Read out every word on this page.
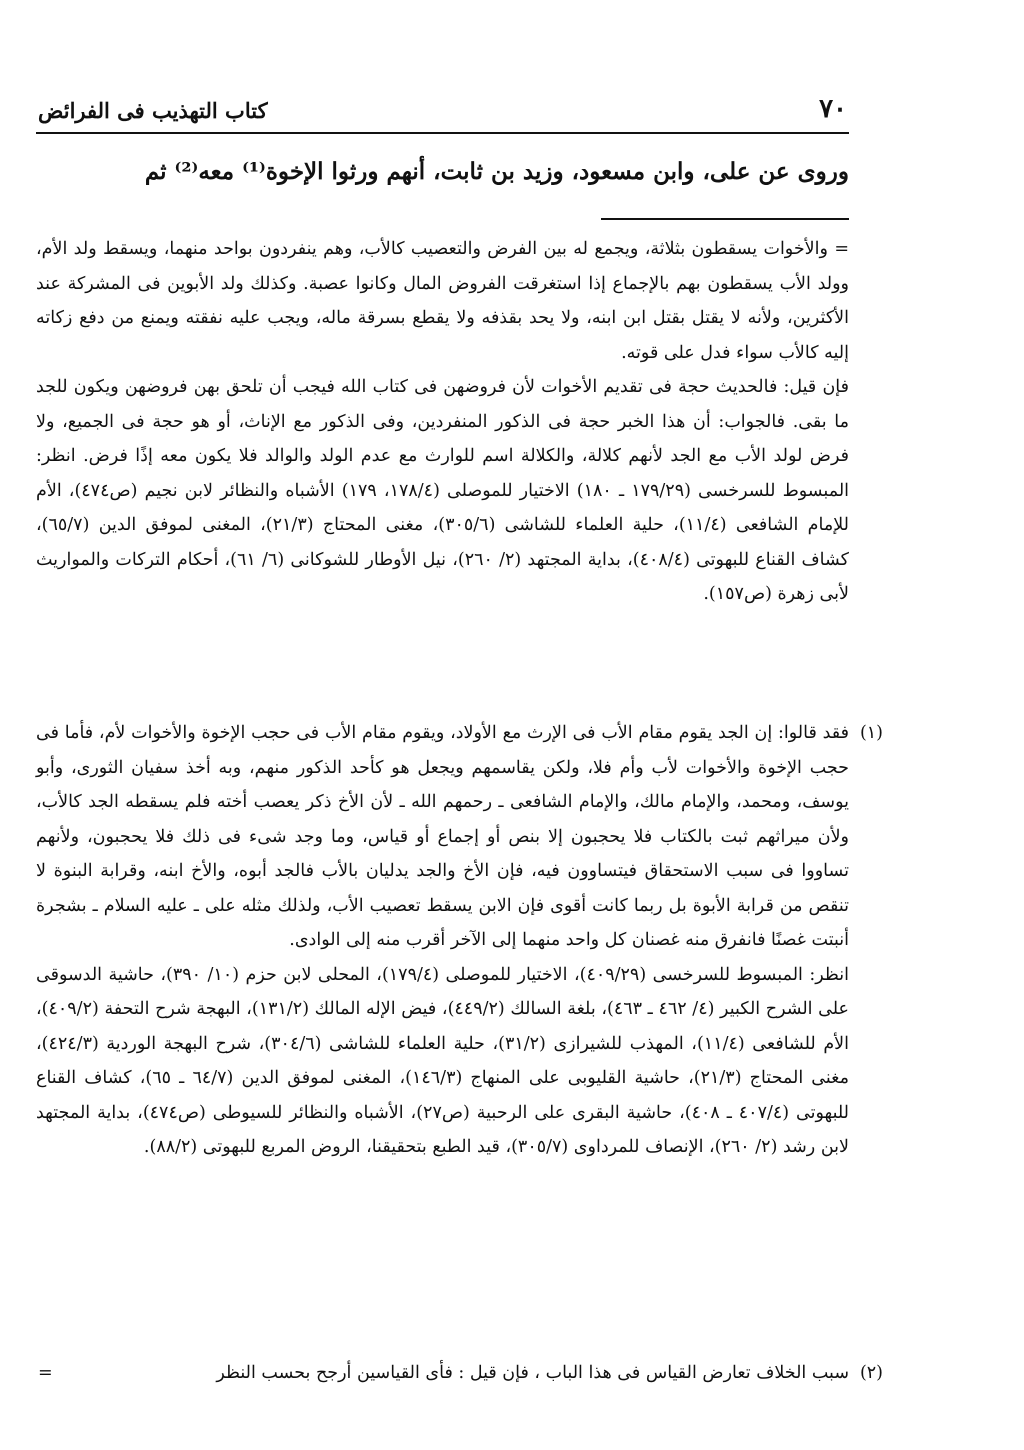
٧٠
كتاب التهذيب فى الفرائض
وروى عن على، وابن مسعود، وزيد بن ثابت، أنهم ورثوا الإخوة⁽¹⁾ معه⁽²⁾ ثم

= والأخوات يسقطون بثلاثة، ويجمع له بين الفرض والتعصيب كالأب، وهم ينفردون بواحد منهما، ويسقط ولد الأم، وولد الأب يسقطون بهم بالإجماع إذا استغرقت الفروض المال وكانوا عصبة. وكذلك ولد الأبوين فى المشركة عند الأكثرين، ولأنه لا يقتل بقتل ابن ابنه، ولا يحد بقذفه ولا يقطع بسرقة ماله، ويجب عليه نفقته ويمنع من دفع زكاته إليه كالأب سواء فدل على قوته.

فإن قيل: فالحديث حجة فى تقديم الأخوات لأن فروضهن فى كتاب الله فيجب أن تلحق بهن فروضهن ويكون للجد ما بقى. فالجواب: أن هذا الخبر حجة فى الذكور المنفردين، وفى الذكور مع الإناث، أو هو حجة فى الجميع، ولا فرض لولد الأب مع الجد لأنهم كلالة، والكلالة اسم للوارث مع عدم الولد والوالد فلا يكون معه إذًا فرض. انظر: المبسوط للسرخسى (١٧٩/٢٩ ـ ١٨٠) الاختيار للموصلى (١٧٨/٤، ١٧٩) الأشباه والنظائر لابن نجيم (ص٤٧٤)، الأم للإمام الشافعى (١١/٤)، حلية العلماء للشاشى (٣٠٥/٦)، مغنى المحتاج (٢١/٣)، المغنى لموفق الدين (٦٥/٧)، كشاف القناع للبهوتى (٤٠٨/٤)، بداية المجتهد (٢/ ٢٦٠)، نيل الأوطار للشوكانى (٦/ ٦١)، أحكام التركات والمواريث لأبى زهرة (ص١٥٧).

(١)

فقد قالوا: إن الجد يقوم مقام الأب فى الإرث مع الأولاد، ويقوم مقام الأب فى حجب الإخوة والأخوات لأم، فأما فى حجب الإخوة والأخوات لأب وأم فلا، ولكن يقاسمهم ويجعل هو كأحد الذكور منهم، وبه أخذ سفيان الثورى، وأبو يوسف، ومحمد، والإمام مالك، والإمام الشافعى ـ رحمهم الله ـ لأن الأخ ذكر يعصب أخته فلم يسقطه الجد كالأب، ولأن ميراثهم ثبت بالكتاب فلا يحجبون إلا بنص أو إجماع أو قياس، وما وجد شىء فى ذلك فلا يحجبون، ولأنهم تساووا فى سبب الاستحقاق فيتساوون فيه، فإن الأخ والجد يدليان بالأب فالجد أبوه، والأخ ابنه، وقرابة البنوة لا تنقص من قرابة الأبوة بل ربما كانت أقوى فإن الابن يسقط تعصيب الأب، ولذلك مثله على ـ عليه السلام ـ بشجرة أنبتت غصنًا فانفرق منه غصنان كل واحد منهما إلى الآخر أقرب منه إلى الوادى.

انظر: المبسوط للسرخسى (٤٠٩/٢٩)، الاختيار للموصلى (١٧٩/٤)، المحلى لابن حزم (١٠/ ٣٩٠)، حاشية الدسوقى على الشرح الكبير (٤/ ٤٦٢ ـ ٤٦٣)، بلغة السالك (٤٤٩/٢)، فيض الإله المالك (١٣١/٢)، البهجة شرح التحفة (٤٠٩/٢)، الأم للشافعى (١١/٤)، المهذب للشيرازى (٣١/٢)، حلية العلماء للشاشى (٣٠٤/٦)، شرح البهجة الوردية (٤٢٤/٣)، مغنى المحتاج (٢١/٣)، حاشية القليوبى على المنهاج (١٤٦/٣)، المغنى لموفق الدين (٦٤/٧ ـ ٦٥)، كشاف القناع للبهوتى (٤٠٧/٤ ـ ٤٠٨)، حاشية البقرى على الرحبية (ص٢٧)، الأشباه والنظائر للسيوطى (ص٤٧٤)، بداية المجتهد لابن رشد (٢/ ٢٦٠)، الإنصاف للمرداوى (٣٠٥/٧)، قيد الطبع بتحقيقنا، الروض المربع للبهوتى (٨٨/٢).

(٢)
سبب الخلاف تعارض القياس فى هذا الباب ، فإن قيل : فأى القياسين أرجح بحسب النظر
=
